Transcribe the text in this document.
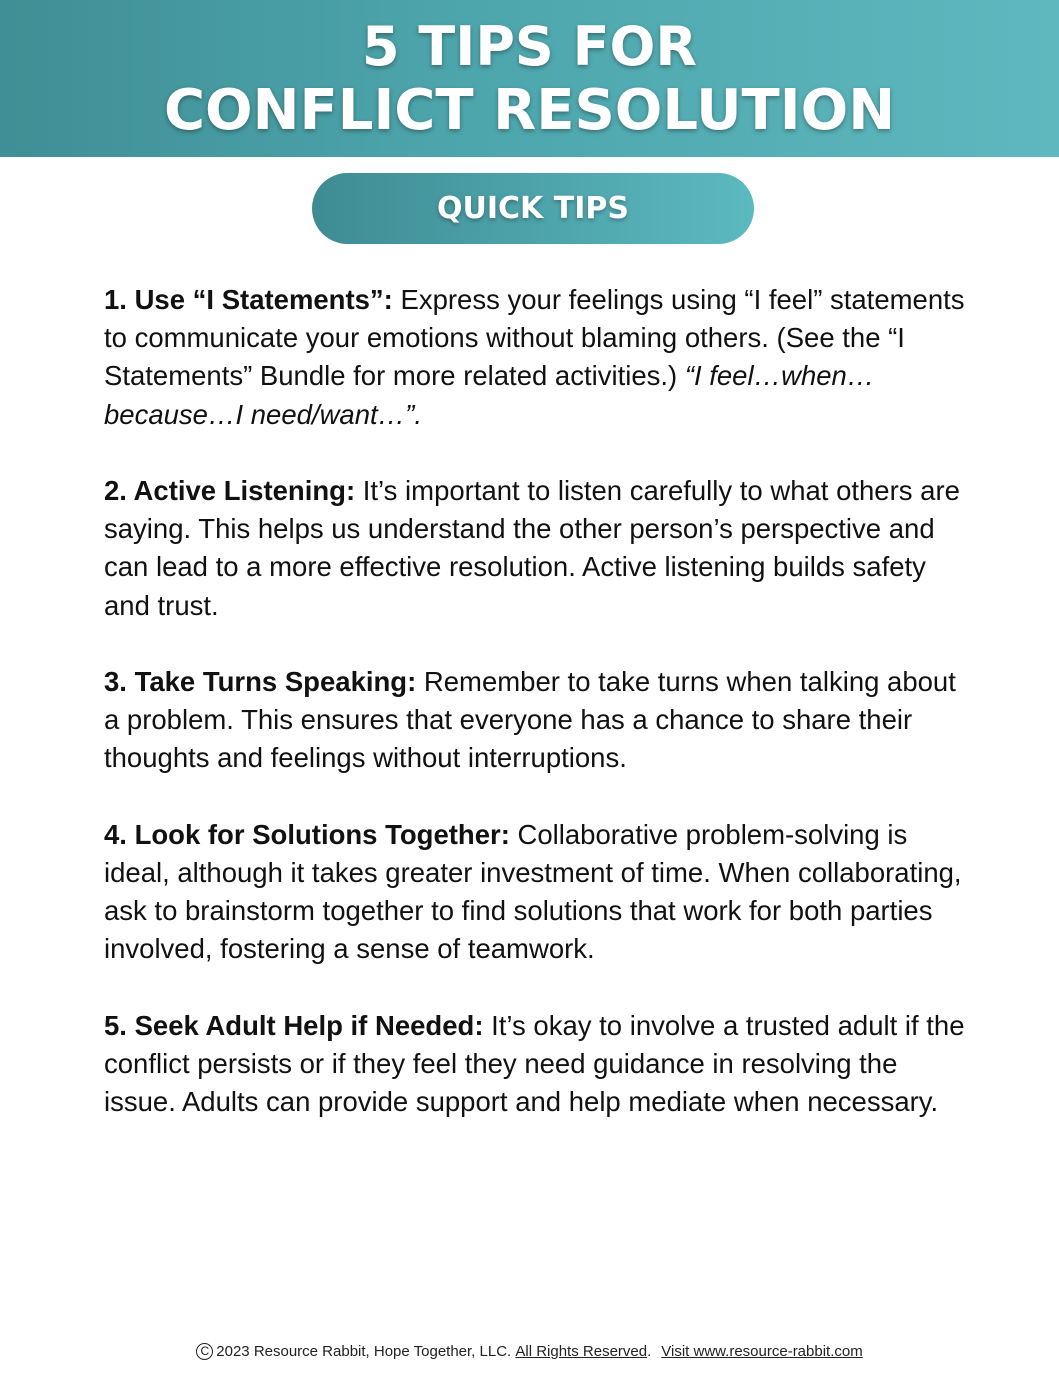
5 TIPS FOR
CONFLICT RESOLUTION
QUICK TIPS

1. Use “I Statements”: Express your feelings using “I feel” statements to communicate your emotions without blaming others. (See the “I Statements” Bundle for more related activities.) “I feel…when…because…I need/want…”.

2. Active Listening: It’s important to listen carefully to what others are saying. This helps us understand the other person’s perspective and can lead to a more effective resolution. Active listening builds safety and trust.

3. Take Turns Speaking: Remember to take turns when talking about a problem. This ensures that everyone has a chance to share their thoughts and feelings without interruptions.

4. Look for Solutions Together: Collaborative problem-solving is ideal, although it takes greater investment of time. When collaborating, ask to brainstorm together to find solutions that work for both parties involved, fostering a sense of teamwork.

5. Seek Adult Help if Needed: It’s okay to involve a trusted adult if the conflict persists or if they feel they need guidance in resolving the issue. Adults can provide support and help mediate when necessary.

C 2023 Resource Rabbit, Hope Together, LLC.
All Rights Reserved . Visit www.resource-rabbit.com
